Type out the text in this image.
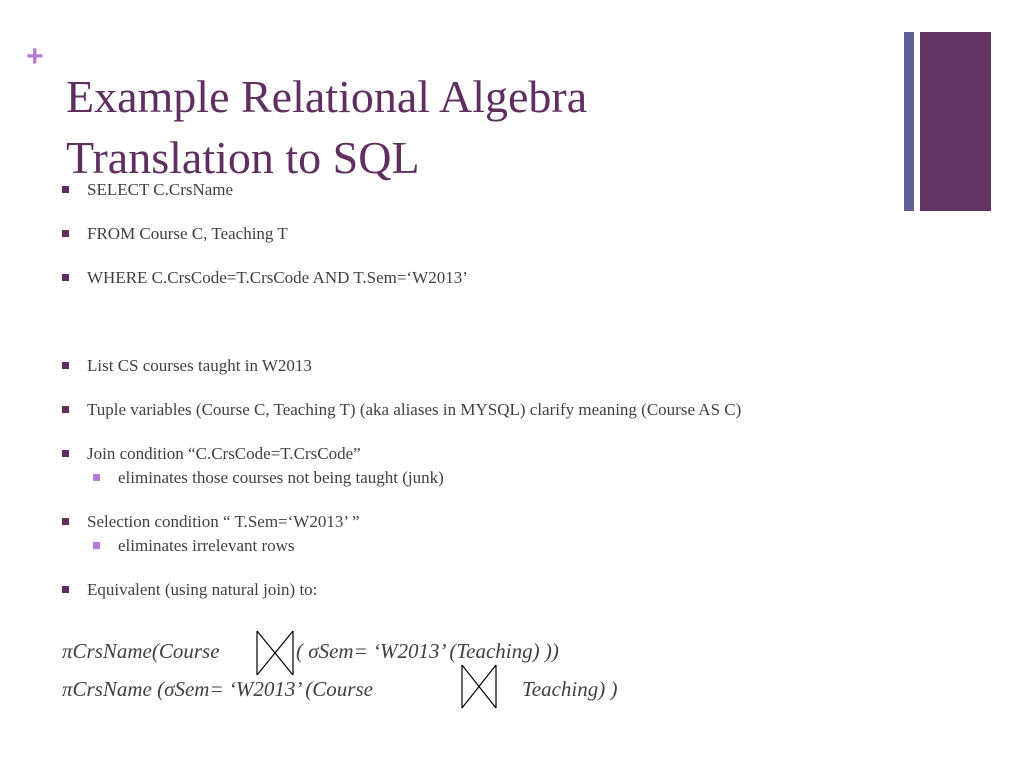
+
Example Relational Algebra
Translation to SQL
SELECT C.CrsName
FROM Course C, Teaching T
WHERE C.CrsCode=T.CrsCode AND T.Sem=‘W2013’
List CS courses taught in W2013
Tuple variables (Course C, Teaching T) (aka aliases in MYSQL) clarify meaning (Course AS C)
Join condition “C.CrsCode=T.CrsCode”
eliminates those courses not being taught (junk)
Selection condition “ T.Sem=‘W2013’ ”
eliminates irrelevant rows
Equivalent (using natural join) to:
πCrsName(Course	( σSem= ‘W2013’ (Teaching) ))
πCrsName (σSem= ‘W2013’ (Course	Teaching) )
